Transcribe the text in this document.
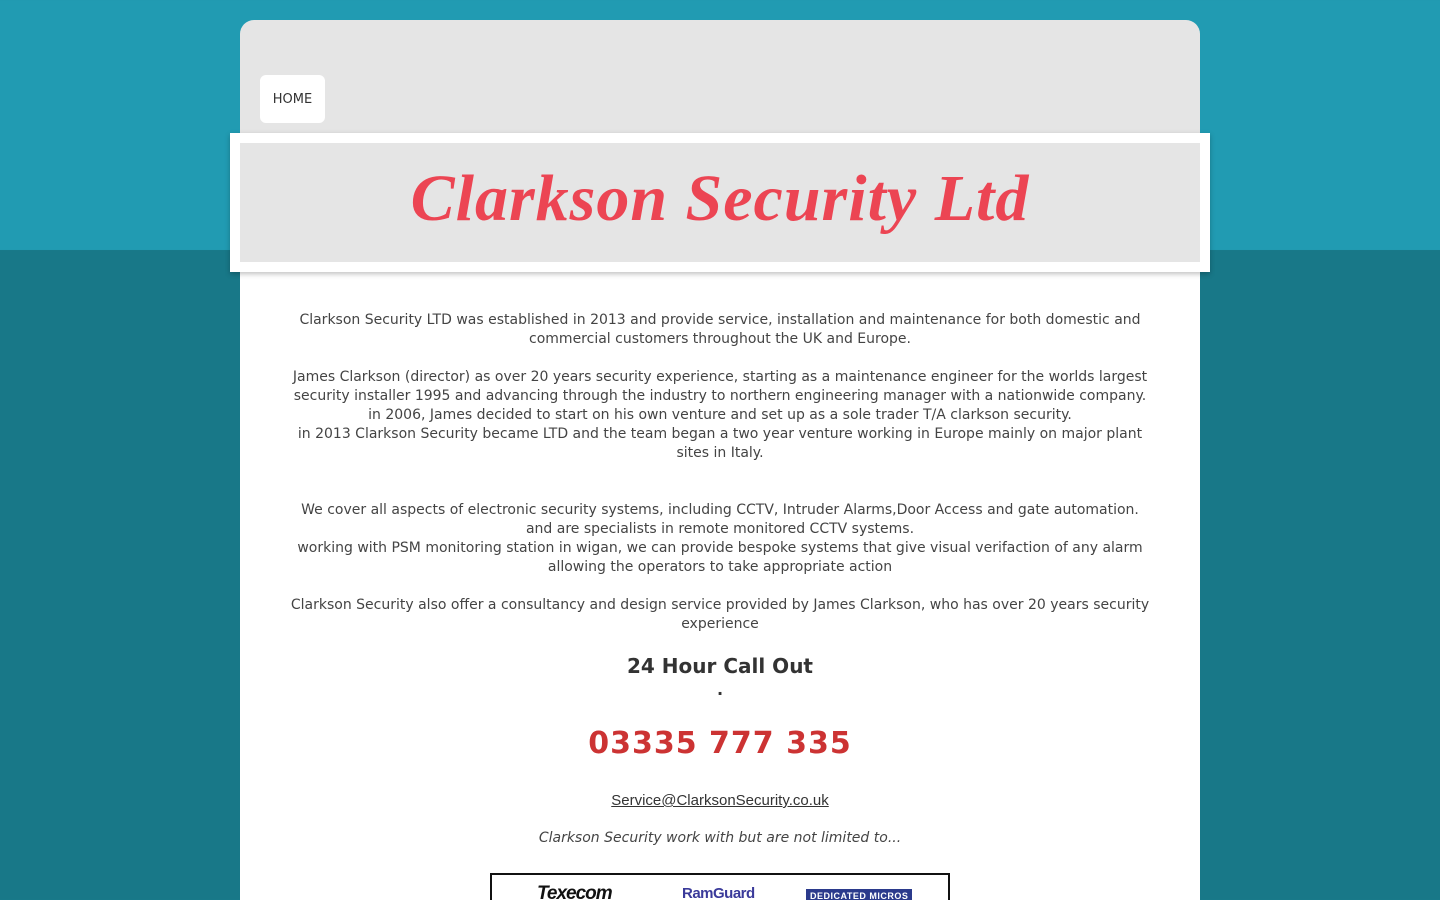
HOME
Clarkson Security Ltd

Clarkson Security LTD was established in 2013 and provide service, installation and maintenance for both domestic and

commercial customers throughout the UK and Europe.

James Clarkson (director) as over 20 years security experience, starting as a maintenance engineer for the worlds largest

security installer 1995 and advancing through the industry to northern engineering manager with a nationwide company.

in 2006, James decided to start on his own venture and set up as a sole trader T/A clarkson security.

in 2013 Clarkson Security became LTD and the team began a two year venture working in Europe mainly on major plant

sites in Italy.

We cover all aspects of electronic security systems, including CCTV, Intruder Alarms,Door Access and gate automation.

and are specialists in remote monitored CCTV systems.

working with PSM monitoring station in wigan, we can provide bespoke systems that give visual verifaction of any alarm

allowing the operators to take appropriate action

Clarkson Security also offer a consultancy and design service provided by James Clarkson, who has over 20 years security

experience

24 Hour Call Out
.
03335 777 335
Service@ClarksonSecurity.co.uk
Clarkson Security work with but are not limited to...
Texecom	RamGuard	DEDICATED MICROS
